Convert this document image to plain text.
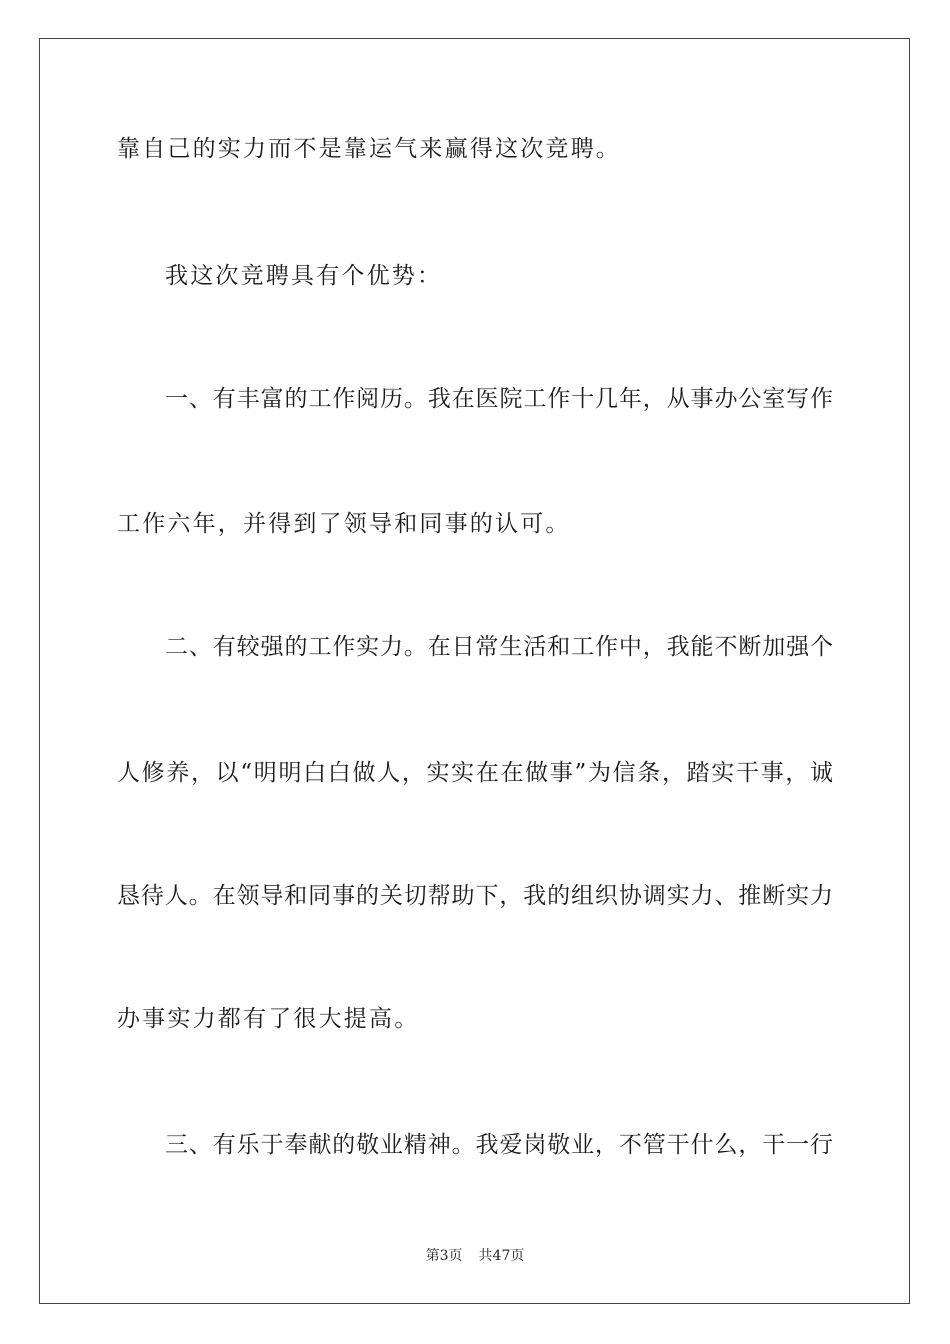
靠自己的实力而不是靠运气来赢得这次竞聘。
我这次竞聘具有个优势：
一、有丰富的工作阅历。我在医院工作十几年，从事办公室写作
工作六年，并得到了领导和同事的认可。
二、有较强的工作实力。在日常生活和工作中，我能不断加强个
人修养，以“明明白白做人，实实在在做事”为信条，踏实干事，诚
恳待人。在领导和同事的关切帮助下，我的组织协调实力、推断实力
办事实力都有了很大提高。
三、有乐于奉献的敬业精神。我爱岗敬业，不管干什么，干一行
第3页 共47页
